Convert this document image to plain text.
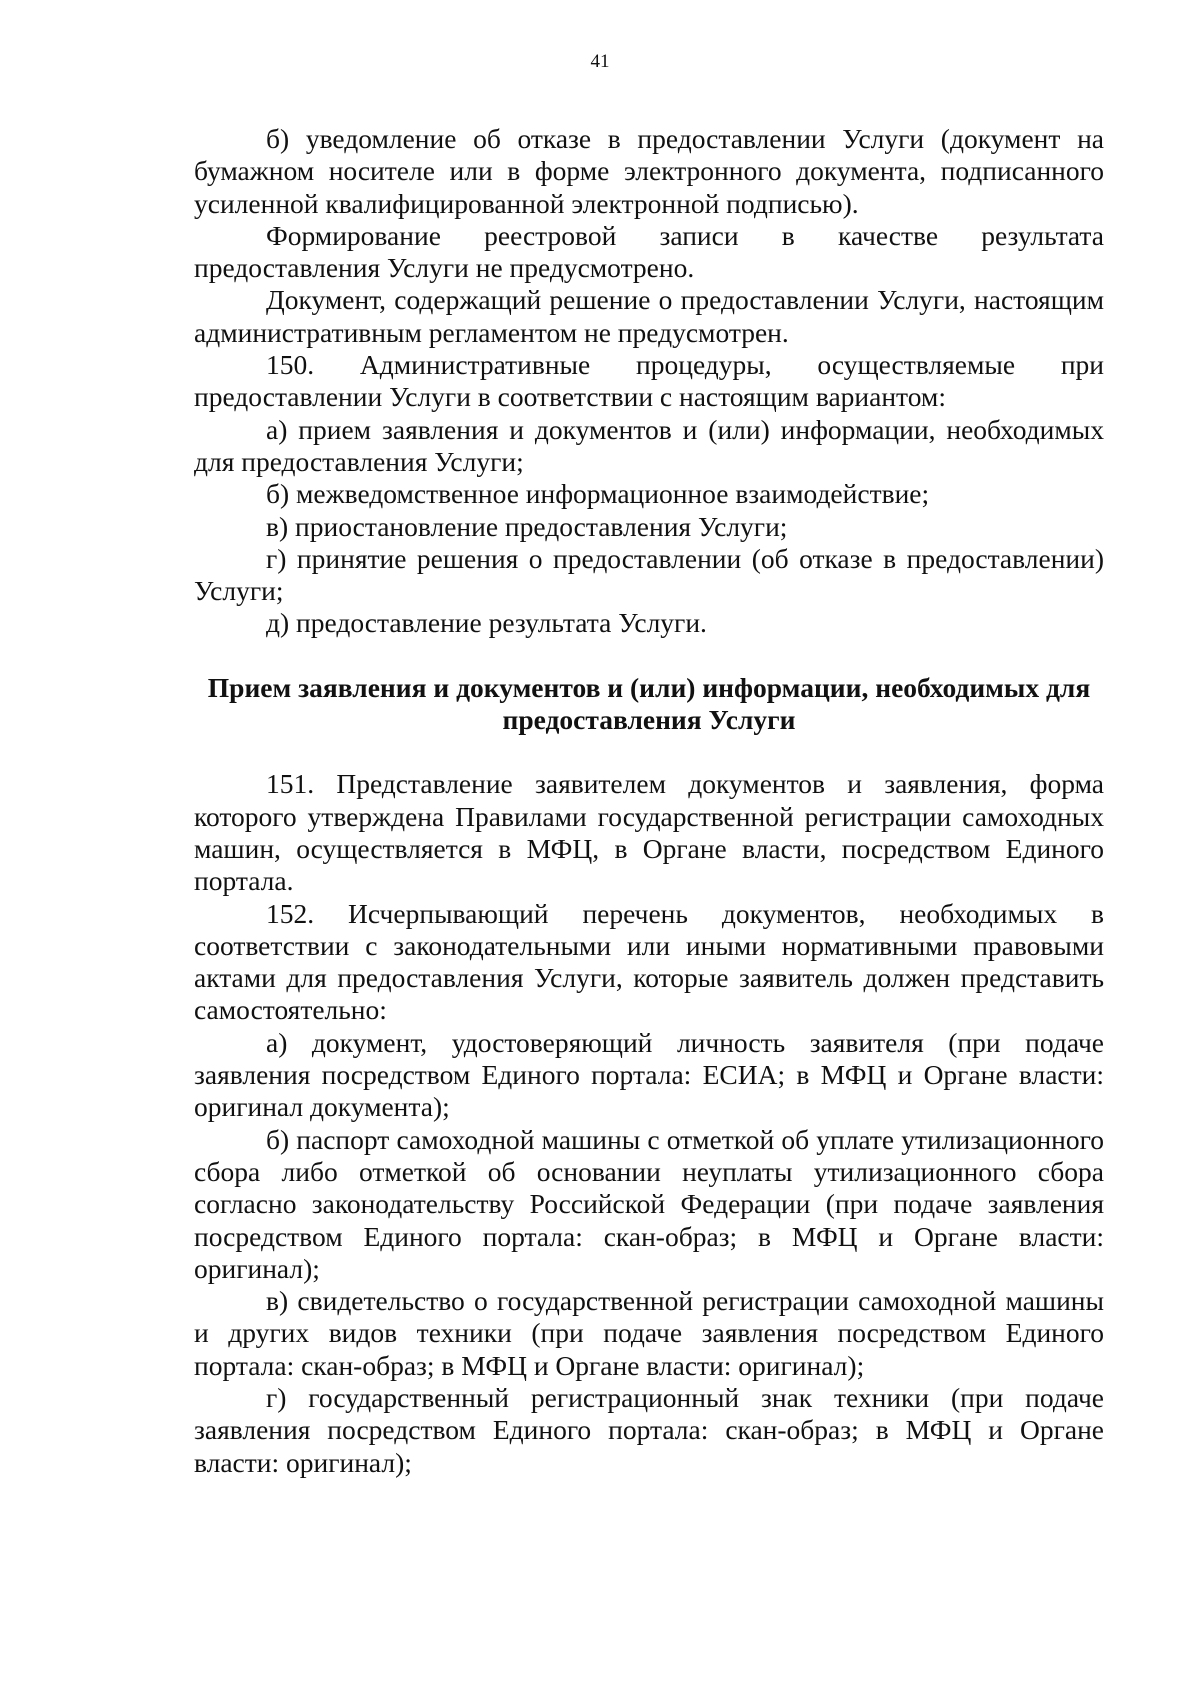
41

б) уведомление об отказе в предоставлении Услуги (документ на бумажном носителе или в форме электронного документа, подписанного усиленной квалифицированной электронной подписью).

Формирование реестровой записи в качестве результата предоставления Услуги не предусмотрено.

Документ, содержащий решение о предоставлении Услуги, настоящим административным регламентом не предусмотрен.

150. Административные процедуры, осуществляемые при предоставлении Услуги в соответствии с настоящим вариантом:

а) прием заявления и документов и (или) информации, необходимых для предоставления Услуги;

б) межведомственное информационное взаимодействие;

в) приостановление предоставления Услуги;

г) принятие решения о предоставлении (об отказе в предоставлении) Услуги;

д) предоставление результата Услуги.

Прием заявления и документов и (или) информации, необходимых для предоставления Услуги

151. Представление заявителем документов и заявления, форма которого утверждена Правилами государственной регистрации самоходных машин, осуществляется в МФЦ, в Органе власти, посредством Единого портала.

152. Исчерпывающий перечень документов, необходимых в соответствии с законодательными или иными нормативными правовыми актами для предоставления Услуги, которые заявитель должен представить самостоятельно:

а) документ, удостоверяющий личность заявителя (при подаче заявления посредством Единого портала: ЕСИА; в МФЦ и Органе власти: оригинал документа);

б) паспорт самоходной машины с отметкой об уплате утилизационного сбора либо отметкой об основании неуплаты утилизационного сбора согласно законодательству Российской Федерации (при подаче заявления посредством Единого портала: скан-образ; в МФЦ и Органе власти: оригинал);

в) свидетельство о государственной регистрации самоходной машины и других видов техники (при подаче заявления посредством Единого портала: скан-образ; в МФЦ и Органе власти: оригинал);

г) государственный регистрационный знак техники (при подаче заявления посредством Единого портала: скан-образ; в МФЦ и Органе власти: оригинал);
